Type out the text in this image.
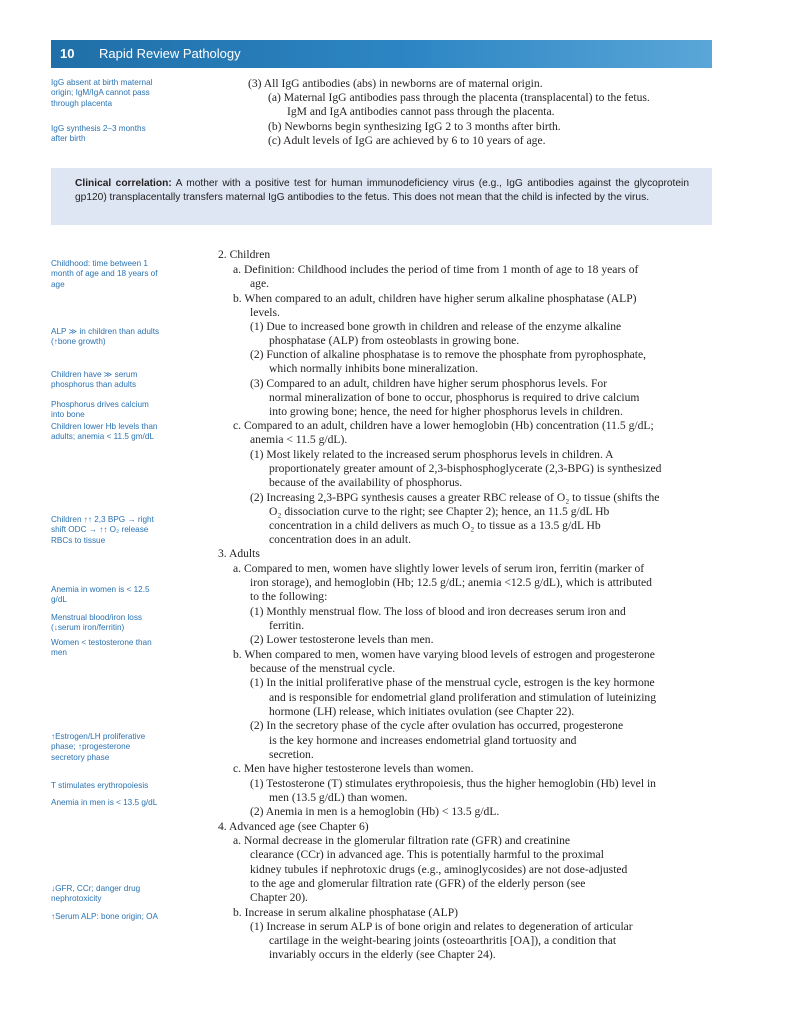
10 Rapid Review Pathology

IgG absent at birth maternal origin; IgM/IgA cannot pass through placenta

IgG synthesis 2–3 months after birth

Childhood: time between 1 month of age and 18 years of age

ALP ≫ in children than adults (↑bone growth)

Children have ≫ serum phosphorus than adults

Phosphorus drives calcium into bone

Children lower Hb levels than adults; anemia < 11.5 gm/dL

Children ↑↑ 2,3 BPG → right shift ODC → ↑↑ O₂ release RBCs to tissue

Anemia in women is < 12.5 g/dL

Menstrual blood/iron loss (↓serum iron/ferritin)

Women < testosterone than men

↑Estrogen/LH proliferative phase; ↑progesterone secretory phase

T stimulates erythropoiesis

Anemia in men is < 13.5 g/dL

↓GFR, CCr; danger drug nephrotoxicity

↑Serum ALP: bone origin; OA

Clinical correlation: A mother with a positive test for human immunodeficiency virus (e.g., IgG antibodies against the glycoprotein gp120) transplacentally transfers maternal IgG antibodies to the fetus. This does not mean that the child is infected by the virus.
(3) All IgG antibodies (abs) in newborns are of maternal origin.
(a) Maternal IgG antibodies pass through the placenta (transplacental) to the fetus.
IgM and IgA antibodies cannot pass through the placenta.
(b) Newborns begin synthesizing IgG 2 to 3 months after birth.
(c) Adult levels of IgG are achieved by 6 to 10 years of age.
2. Children
a. Definition: Childhood includes the period of time from 1 month of age to 18 years of
age.
b. When compared to an adult, children have higher serum alkaline phosphatase (ALP)
levels.
(1) Due to increased bone growth in children and release of the enzyme alkaline
phosphatase (ALP) from osteoblasts in growing bone.
(2) Function of alkaline phosphatase is to remove the phosphate from pyrophosphate,
which normally inhibits bone mineralization.
(3) Compared to an adult, children have higher serum phosphorus levels. For
normal mineralization of bone to occur, phosphorus is required to drive calcium
into growing bone; hence, the need for higher phosphorus levels in children.
c. Compared to an adult, children have a lower hemoglobin (Hb) concentration (11.5 g/dL;
anemia < 11.5 g/dL).
(1) Most likely related to the increased serum phosphorus levels in children. A
proportionately greater amount of 2,3-bisphosphoglycerate (2,3-BPG) is synthesized
because of the availability of phosphorus.
(2) Increasing 2,3-BPG synthesis causes a greater RBC release of O₂ to tissue (shifts the
O₂ dissociation curve to the right; see Chapter 2); hence, an 11.5 g/dL Hb
concentration in a child delivers as much O₂ to tissue as a 13.5 g/dL Hb
concentration does in an adult.
3. Adults
a. Compared to men, women have slightly lower levels of serum iron, ferritin (marker of
iron storage), and hemoglobin (Hb; 12.5 g/dL; anemia <12.5 g/dL), which is attributed
to the following:
(1) Monthly menstrual flow. The loss of blood and iron decreases serum iron and
ferritin.
(2) Lower testosterone levels than men.
b. When compared to men, women have varying blood levels of estrogen and progesterone
because of the menstrual cycle.
(1) In the initial proliferative phase of the menstrual cycle, estrogen is the key hormone
and is responsible for endometrial gland proliferation and stimulation of luteinizing
hormone (LH) release, which initiates ovulation (see Chapter 22).
(2) In the secretory phase of the cycle after ovulation has occurred, progesterone
is the key hormone and increases endometrial gland tortuosity and
secretion.
c. Men have higher testosterone levels than women.
(1) Testosterone (T) stimulates erythropoiesis, thus the higher hemoglobin (Hb) level in
men (13.5 g/dL) than women.
(2) Anemia in men is a hemoglobin (Hb) < 13.5 g/dL.
4. Advanced age (see Chapter 6)
a. Normal decrease in the glomerular filtration rate (GFR) and creatinine
clearance (CCr) in advanced age. This is potentially harmful to the proximal
kidney tubules if nephrotoxic drugs (e.g., aminoglycosides) are not dose-adjusted
to the age and glomerular filtration rate (GFR) of the elderly person (see
Chapter 20).
b. Increase in serum alkaline phosphatase (ALP)
(1) Increase in serum ALP is of bone origin and relates to degeneration of articular
cartilage in the weight-bearing joints (osteoarthritis [OA]), a condition that
invariably occurs in the elderly (see Chapter 24).
